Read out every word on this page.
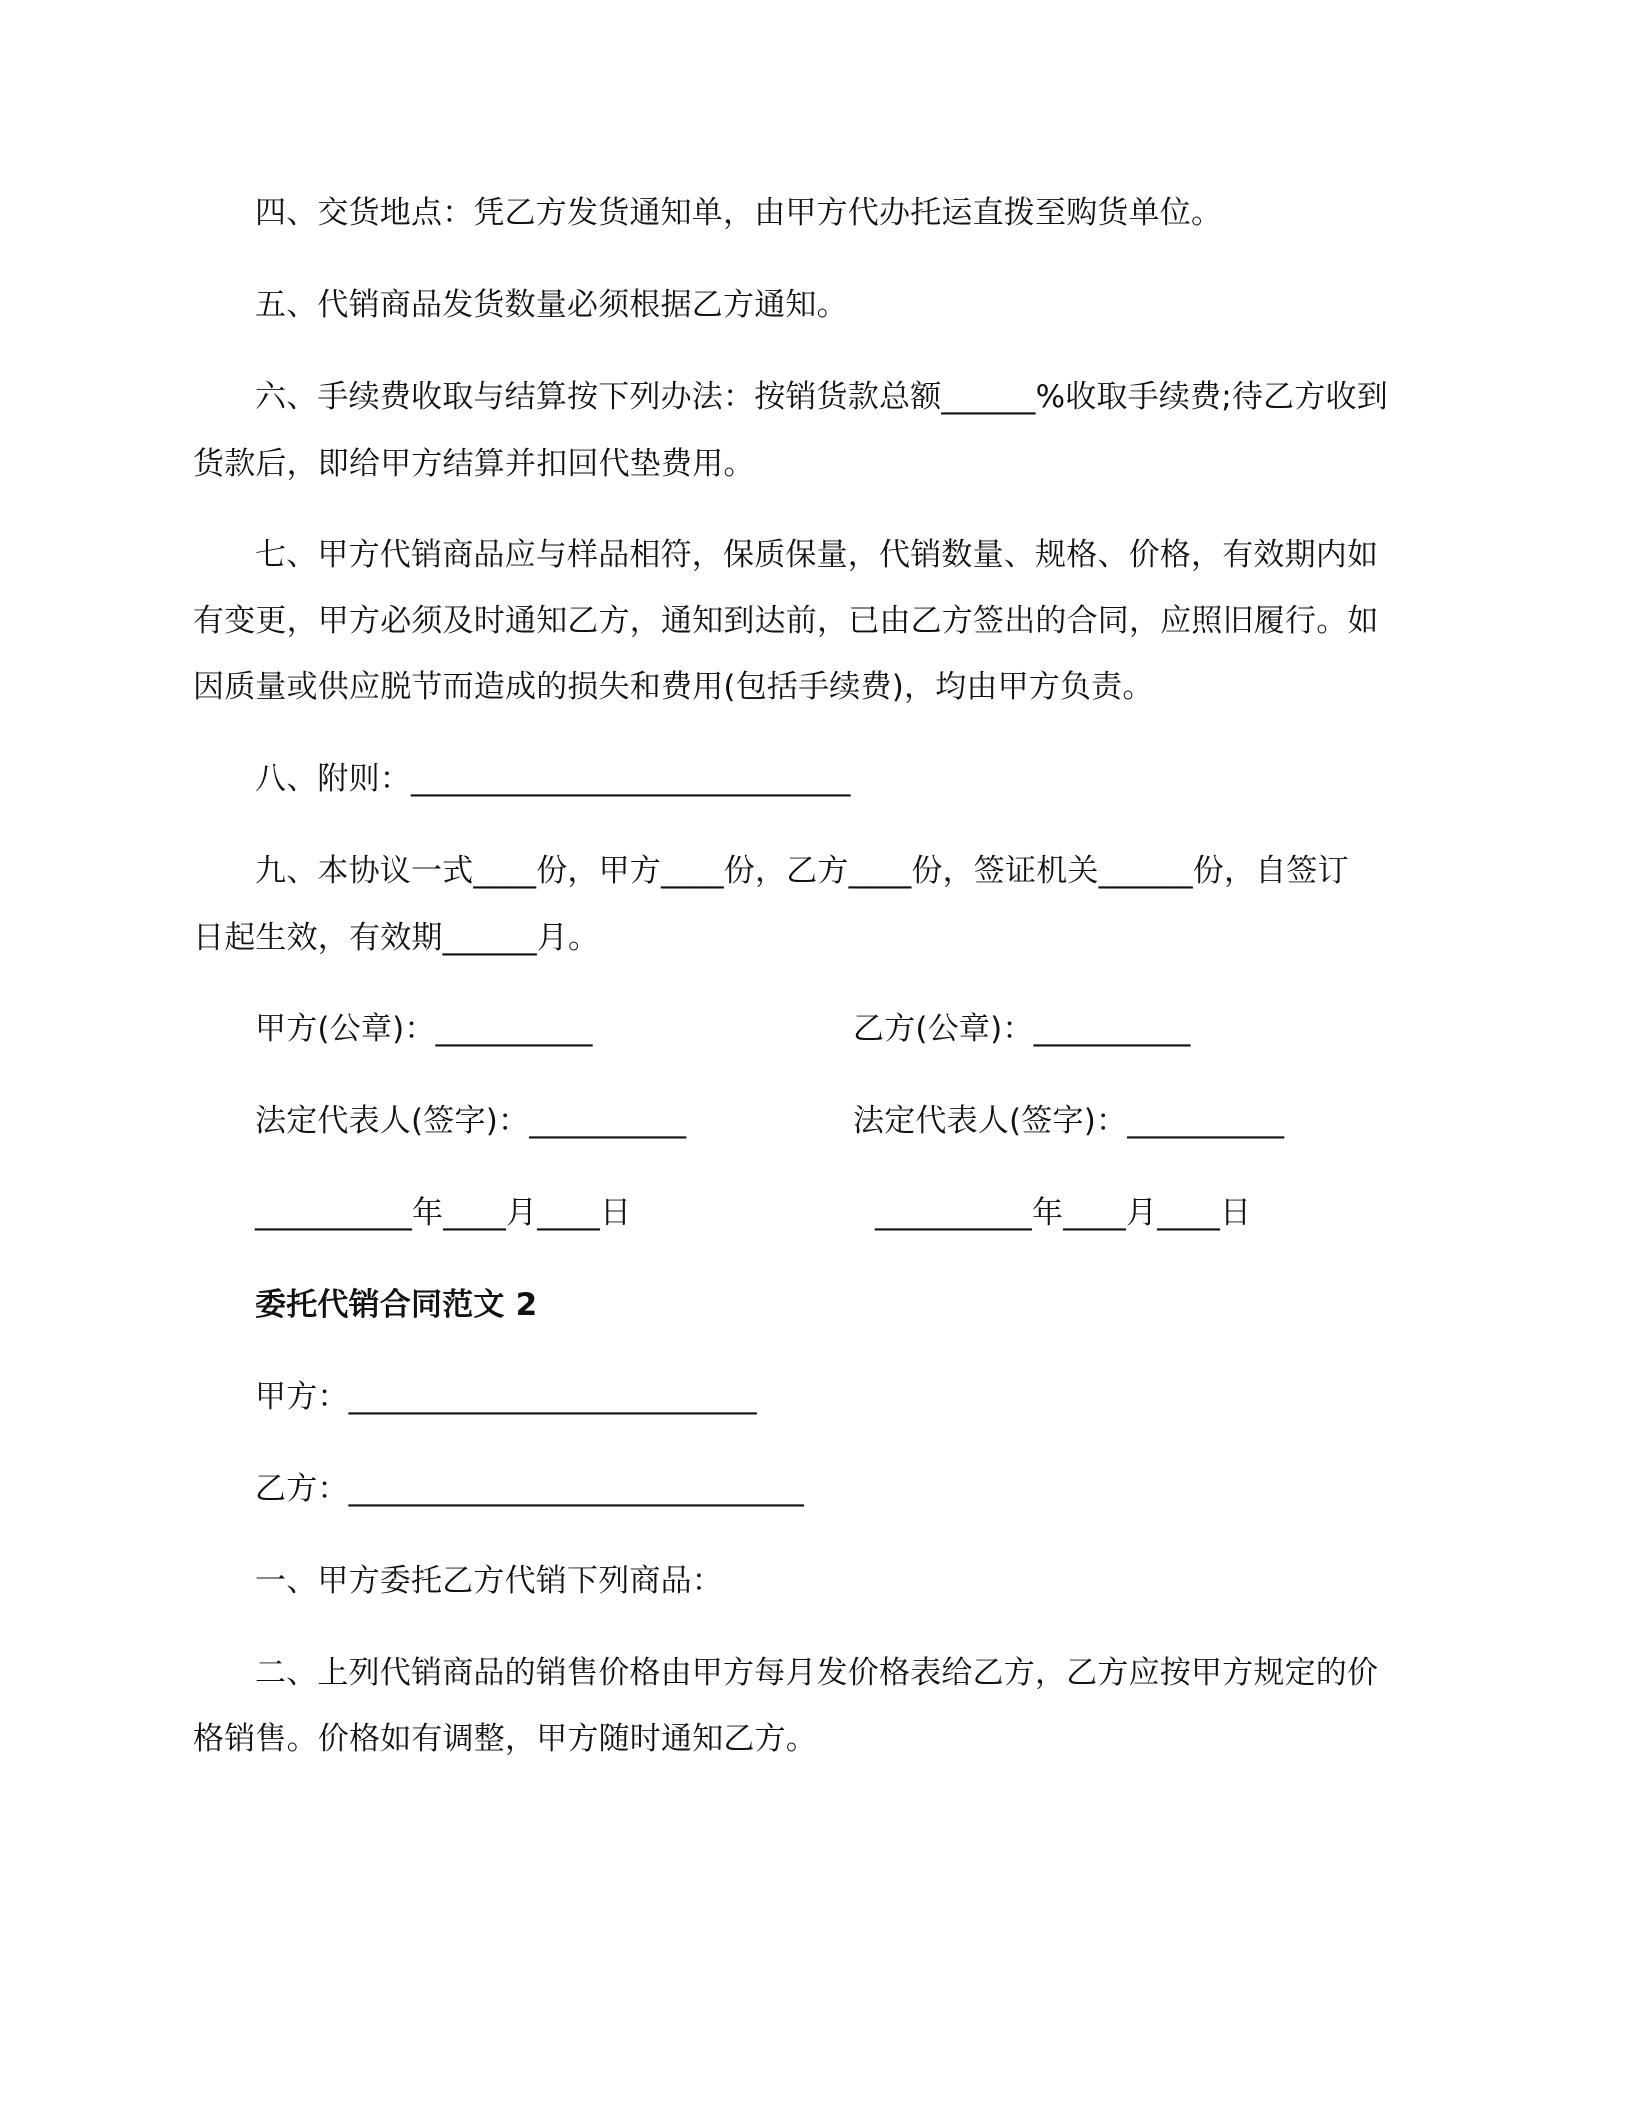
四、交货地点：凭乙方发货通知单，由甲方代办托运直拨至购货单位。
五、代销商品发货数量必须根据乙方通知。
六、手续费收取与结算按下列办法：按销货款总额______%收取手续费;待乙方收到
货款后，即给甲方结算并扣回代垫费用。
七、甲方代销商品应与样品相符，保质保量，代销数量、规格、价格，有效期内如
有变更，甲方必须及时通知乙方，通知到达前，已由乙方签出的合同，应照旧履行。如
因质量或供应脱节而造成的损失和费用(包括手续费)，均由甲方负责。
八、附则：____________________________
九、本协议一式____份，甲方____份，乙方____份，签证机关______份，自签订
日起生效，有效期______月。
甲方(公章)：__________	乙方(公章)：__________
法定代表人(签字)：__________	法定代表人(签字)：__________
__________年____月____日	__________年____月____日
委托代销合同范文 2
甲方：__________________________
乙方：_____________________________
一、甲方委托乙方代销下列商品：
二、上列代销商品的销售价格由甲方每月发价格表给乙方，乙方应按甲方规定的价
格销售。价格如有调整，甲方随时通知乙方。
